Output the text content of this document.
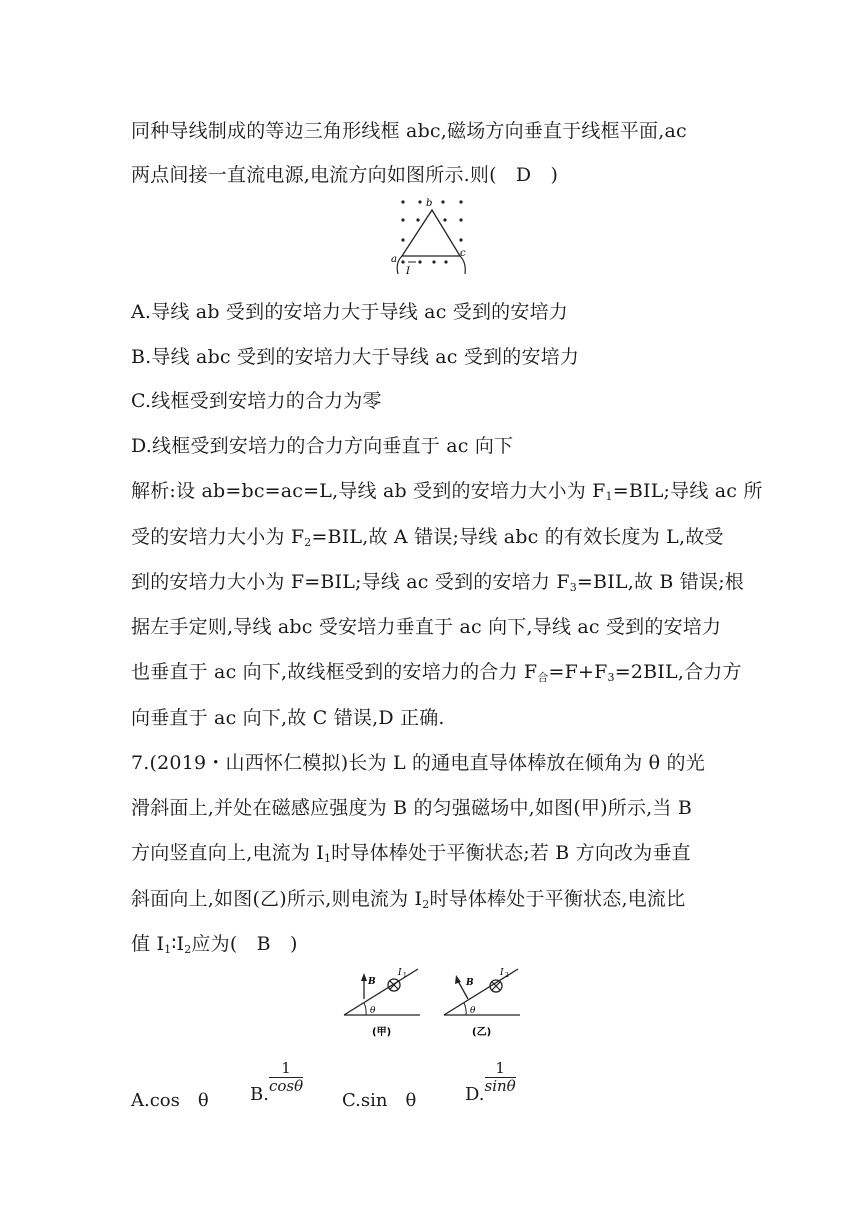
同种导线制成的等边三角形线框 abc,磁场方向垂直于线框平面,ac
两点间接一直流电源,电流方向如图所示.则(　D　)
b
a
c
I
A.导线 ab 受到的安培力大于导线 ac 受到的安培力
B.导线 abc 受到的安培力大于导线 ac 受到的安培力
C.线框受到安培力的合力为零
D.线框受到安培力的合力方向垂直于 ac 向下
解析:设 ab=bc=ac=L,导线 ab 受到的安培力大小为 $F_1=BIL$;导线 ac 所
受的安培力大小为 $F_2=BIL$,故 A 错误;导线 abc 的有效长度为 L,故受
到的安培力大小为 F=BIL;导线 ac 受到的安培力 $F_3=BIL$,故 B 错误;根
据左手定则,导线 abc 受安培力垂直于 ac 向下,导线 ac 受到的安培力
也垂直于 ac 向下,故线框受到的安培力的合力 $F_合=F+F_3=2BIL$,合力方
向垂直于 ac 向下,故 C 错误,D 正确.
7.(2019・山西怀仁模拟)长为 L 的通电直导体棒放在倾角为 θ 的光
滑斜面上,并处在磁感应强度为 B 的匀强磁场中,如图(甲)所示,当 B
方向竖直向上,电流为 $I_1$时导体棒处于平衡状态;若 B 方向改为垂直
斜面向上,如图(乙)所示,则电流为 $I_2$时导体棒处于平衡状态,电流比
值 $I_1∶I_2$应为(　B　)
B
I 1
θ
(甲)
B
I 2
θ
(乙)
A.cos　θ B.
$\frac{1}{\cos\theta}$
C.sin　θ	D.
$\frac{1}{\sin\theta}$
